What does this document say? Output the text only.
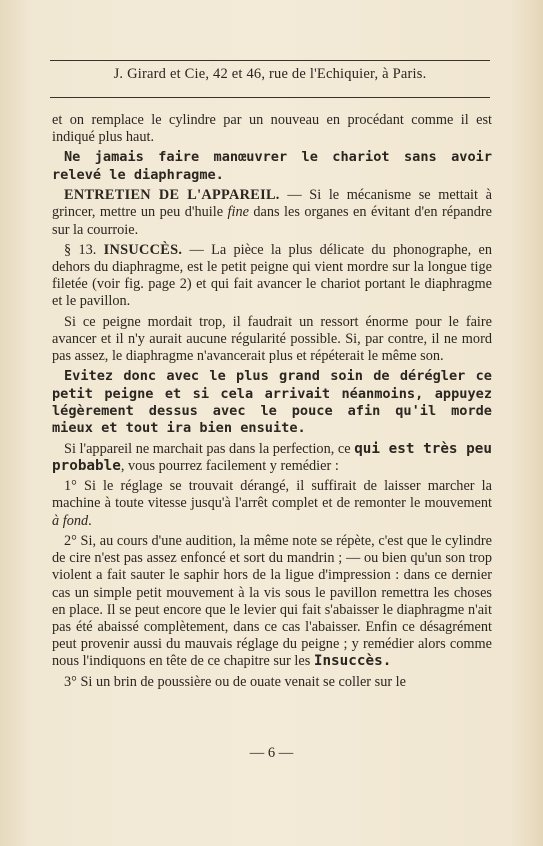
J. Girard et Cie, 42 et 46, rue de l'Echiquier, à Paris.

et on remplace le cylindre par un nouveau en procédant comme il est indiqué plus haut.

Ne jamais faire manœuvrer le chariot sans avoir relevé le diaphragme.

ENTRETIEN DE L'APPAREIL. — Si le mécanisme se mettait à grincer, mettre un peu d'huile fine dans les organes en évitant d'en répandre sur la courroie.

§ 13. INSUCCÈS. — La pièce la plus délicate du phonographe, en dehors du diaphragme, est le petit peigne qui vient mordre sur la longue tige filetée (voir fig. page 2) et qui fait avancer le chariot portant le diaphragme et le pavillon.

Si ce peigne mordait trop, il faudrait un ressort énorme pour le faire avancer et il n'y aurait aucune régularité possible. Si, par contre, il ne mord pas assez, le diaphragme n'avancerait plus et répéterait le même son.

Evitez donc avec le plus grand soin de dérégler ce petit peigne et si cela arrivait néanmoins, appuyez légèrement dessus avec le pouce afin qu'il morde mieux et tout ira bien ensuite.

Si l'appareil ne marchait pas dans la perfection, ce qui est très peu probable, vous pourrez facilement y remédier :

1° Si le réglage se trouvait dérangé, il suffirait de laisser marcher la machine à toute vitesse jusqu'à l'arrêt complet et de remonter le mouvement à fond.

2° Si, au cours d'une audition, la même note se répète, c'est que le cylindre de cire n'est pas assez enfoncé et sort du mandrin ; — ou bien qu'un son trop violent a fait sauter le saphir hors de la ligue d'impression : dans ce dernier cas un simple petit mouvement à la vis sous le pavillon remettra les choses en place. Il se peut encore que le levier qui fait s'abaisser le diaphragme n'ait pas été abaissé complètement, dans ce cas l'abaisser. Enfin ce désagrément peut provenir aussi du mauvais réglage du peigne ; y remédier alors comme nous l'indiquons en tête de ce chapitre sur les Insuccès.

3° Si un brin de poussière ou de ouate venait se coller sur le

— 6 —
